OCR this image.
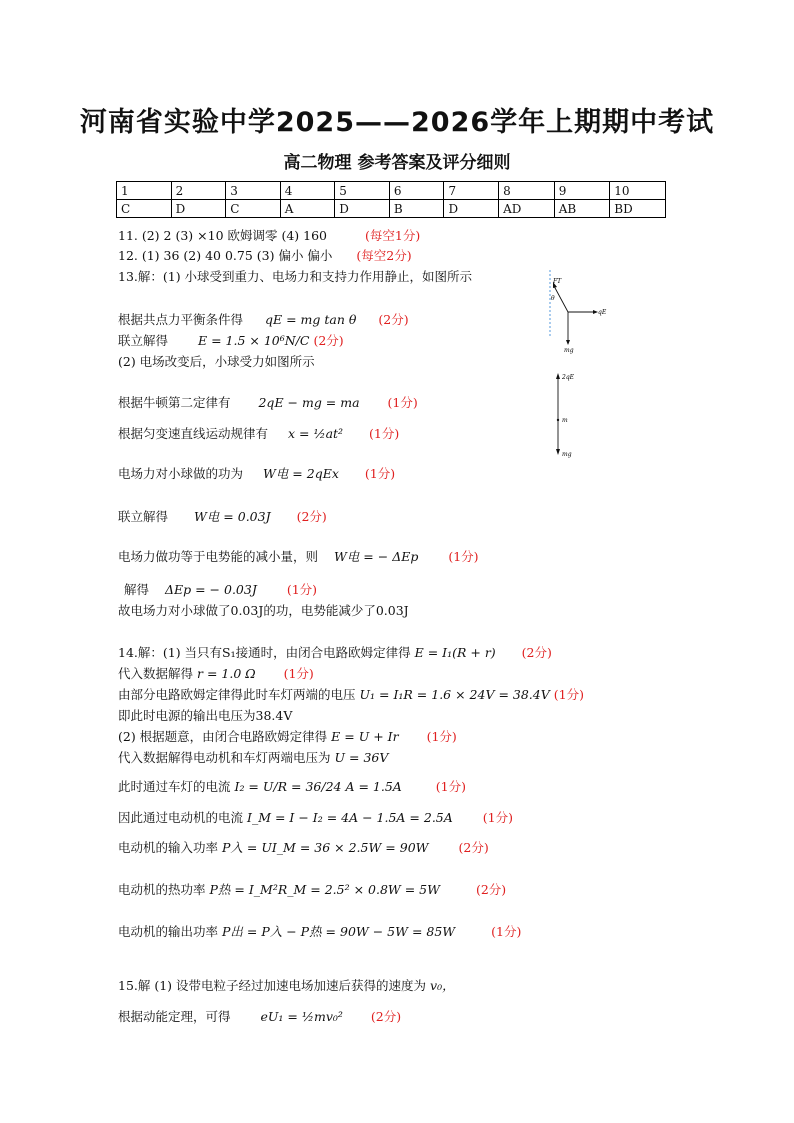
河南省实验中学2025——2026学年上期期中考试
高二物理 参考答案及评分细则
1	2	3	4	5	6	7	8	9	10
C	D	C	A	D	B	D	AD	AB	BD
11. (2) 2 (3) ×10 欧姆调零 (4) 160	(每空1分)
12. (1) 36 (2) 40 0.75 (3) 偏小 偏小 (每空2分)
13.解：(1) 小球受到重力、电场力和支持力作用静止，如图所示
根据共点力平衡条件得 qE = mg tan θ (2分)
联立解得 E = 1.5 × 10⁶N/C (2分)
(2) 电场改变后，小球受力如图所示
根据牛顿第二定律有 2qE − mg = ma (1分)
根据匀变速直线运动规律有 x = ½at² (1分)
电场力对小球做的功为 W电 = 2qEx (1分)
联立解得 W电 = 0.03J (2分)
电场力做功等于电势能的减小量，则 W电 = − ΔEp (1分)
解得 ΔEp = − 0.03J (1分)
故电场力对小球做了0.03J的功，电势能减少了0.03J
FT
θ
qE
mg
2qE
m
mg
14.解：(1) 当只有S₁接通时，由闭合电路欧姆定律得 E = I₁(R + r) (2分)
代入数据解得 r = 1.0 Ω (1分)
由部分电路欧姆定律得此时车灯两端的电压 U₁ = I₁R = 1.6 × 24V = 38.4V (1分)
即此时电源的输出电压为38.4V
(2) 根据题意，由闭合电路欧姆定律得 E = U + Ir (1分)
代入数据解得电动机和车灯两端电压为 U = 36V
此时通过车灯的电流 I₂ = U/R = 36/24 A = 1.5A	(1分)
因此通过电动机的电流 I_M = I − I₂ = 4A − 1.5A = 2.5A (1分)
电动机的输入功率 P入 = UI_M = 36 × 2.5W = 90W (2分)
电动机的热功率 P热 = I_M²R_M = 2.5² × 0.8W = 5W	(2分)
电动机的输出功率 P出 = P入 − P热 = 90W − 5W = 85W	(1分)
15.解 (1) 设带电粒子经过加速电场加速后获得的速度为 v₀，
根据动能定理，可得 eU₁ = ½mv₀² (2分)
